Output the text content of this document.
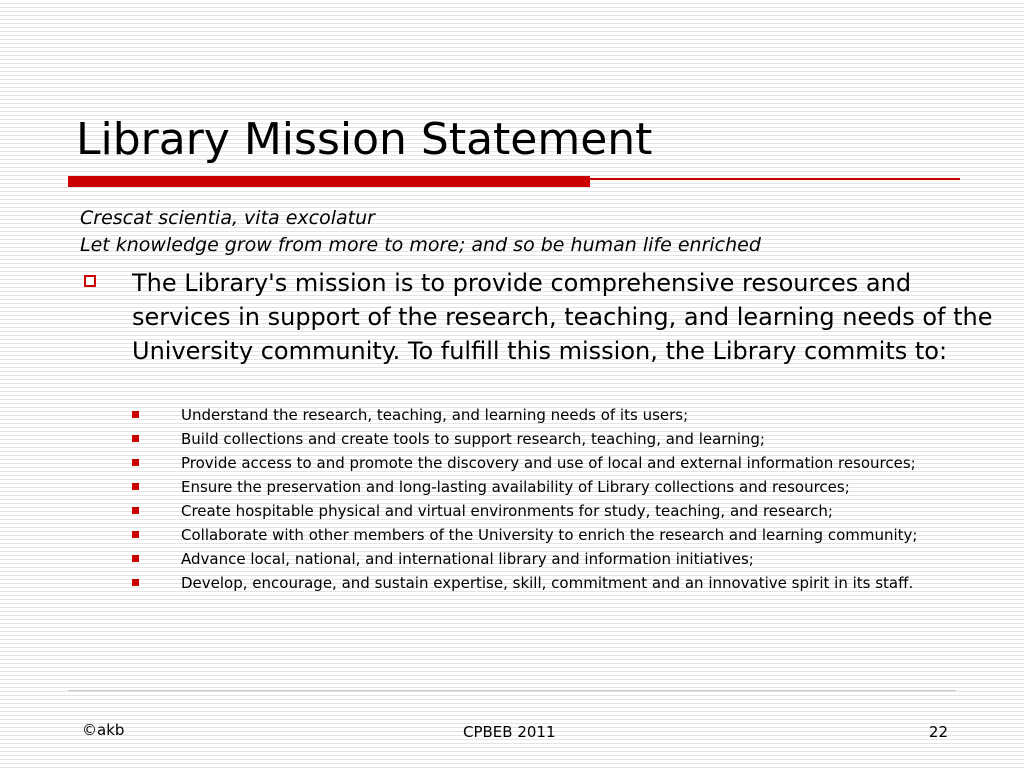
Library Mission Statement
Crescat scientia, vita excolatur
Let knowledge grow from more to more; and so be human life enriched
The Library's mission is to provide comprehensive resources and services in support of the research, teaching, and learning needs of the University community. To fulfill this mission, the Library commits to:
Understand the research, teaching, and learning needs of its users;
Build collections and create tools to support research, teaching, and learning;
Provide access to and promote the discovery and use of local and external information resources;
Ensure the preservation and long-lasting availability of Library collections and resources;
Create hospitable physical and virtual environments for study, teaching, and research;
Collaborate with other members of the University to enrich the research and learning community;
Advance local, national, and international library and information initiatives;
Develop, encourage, and sustain expertise, skill, commitment and an innovative spirit in its staff.
©akb	CPBEB 2011	22
